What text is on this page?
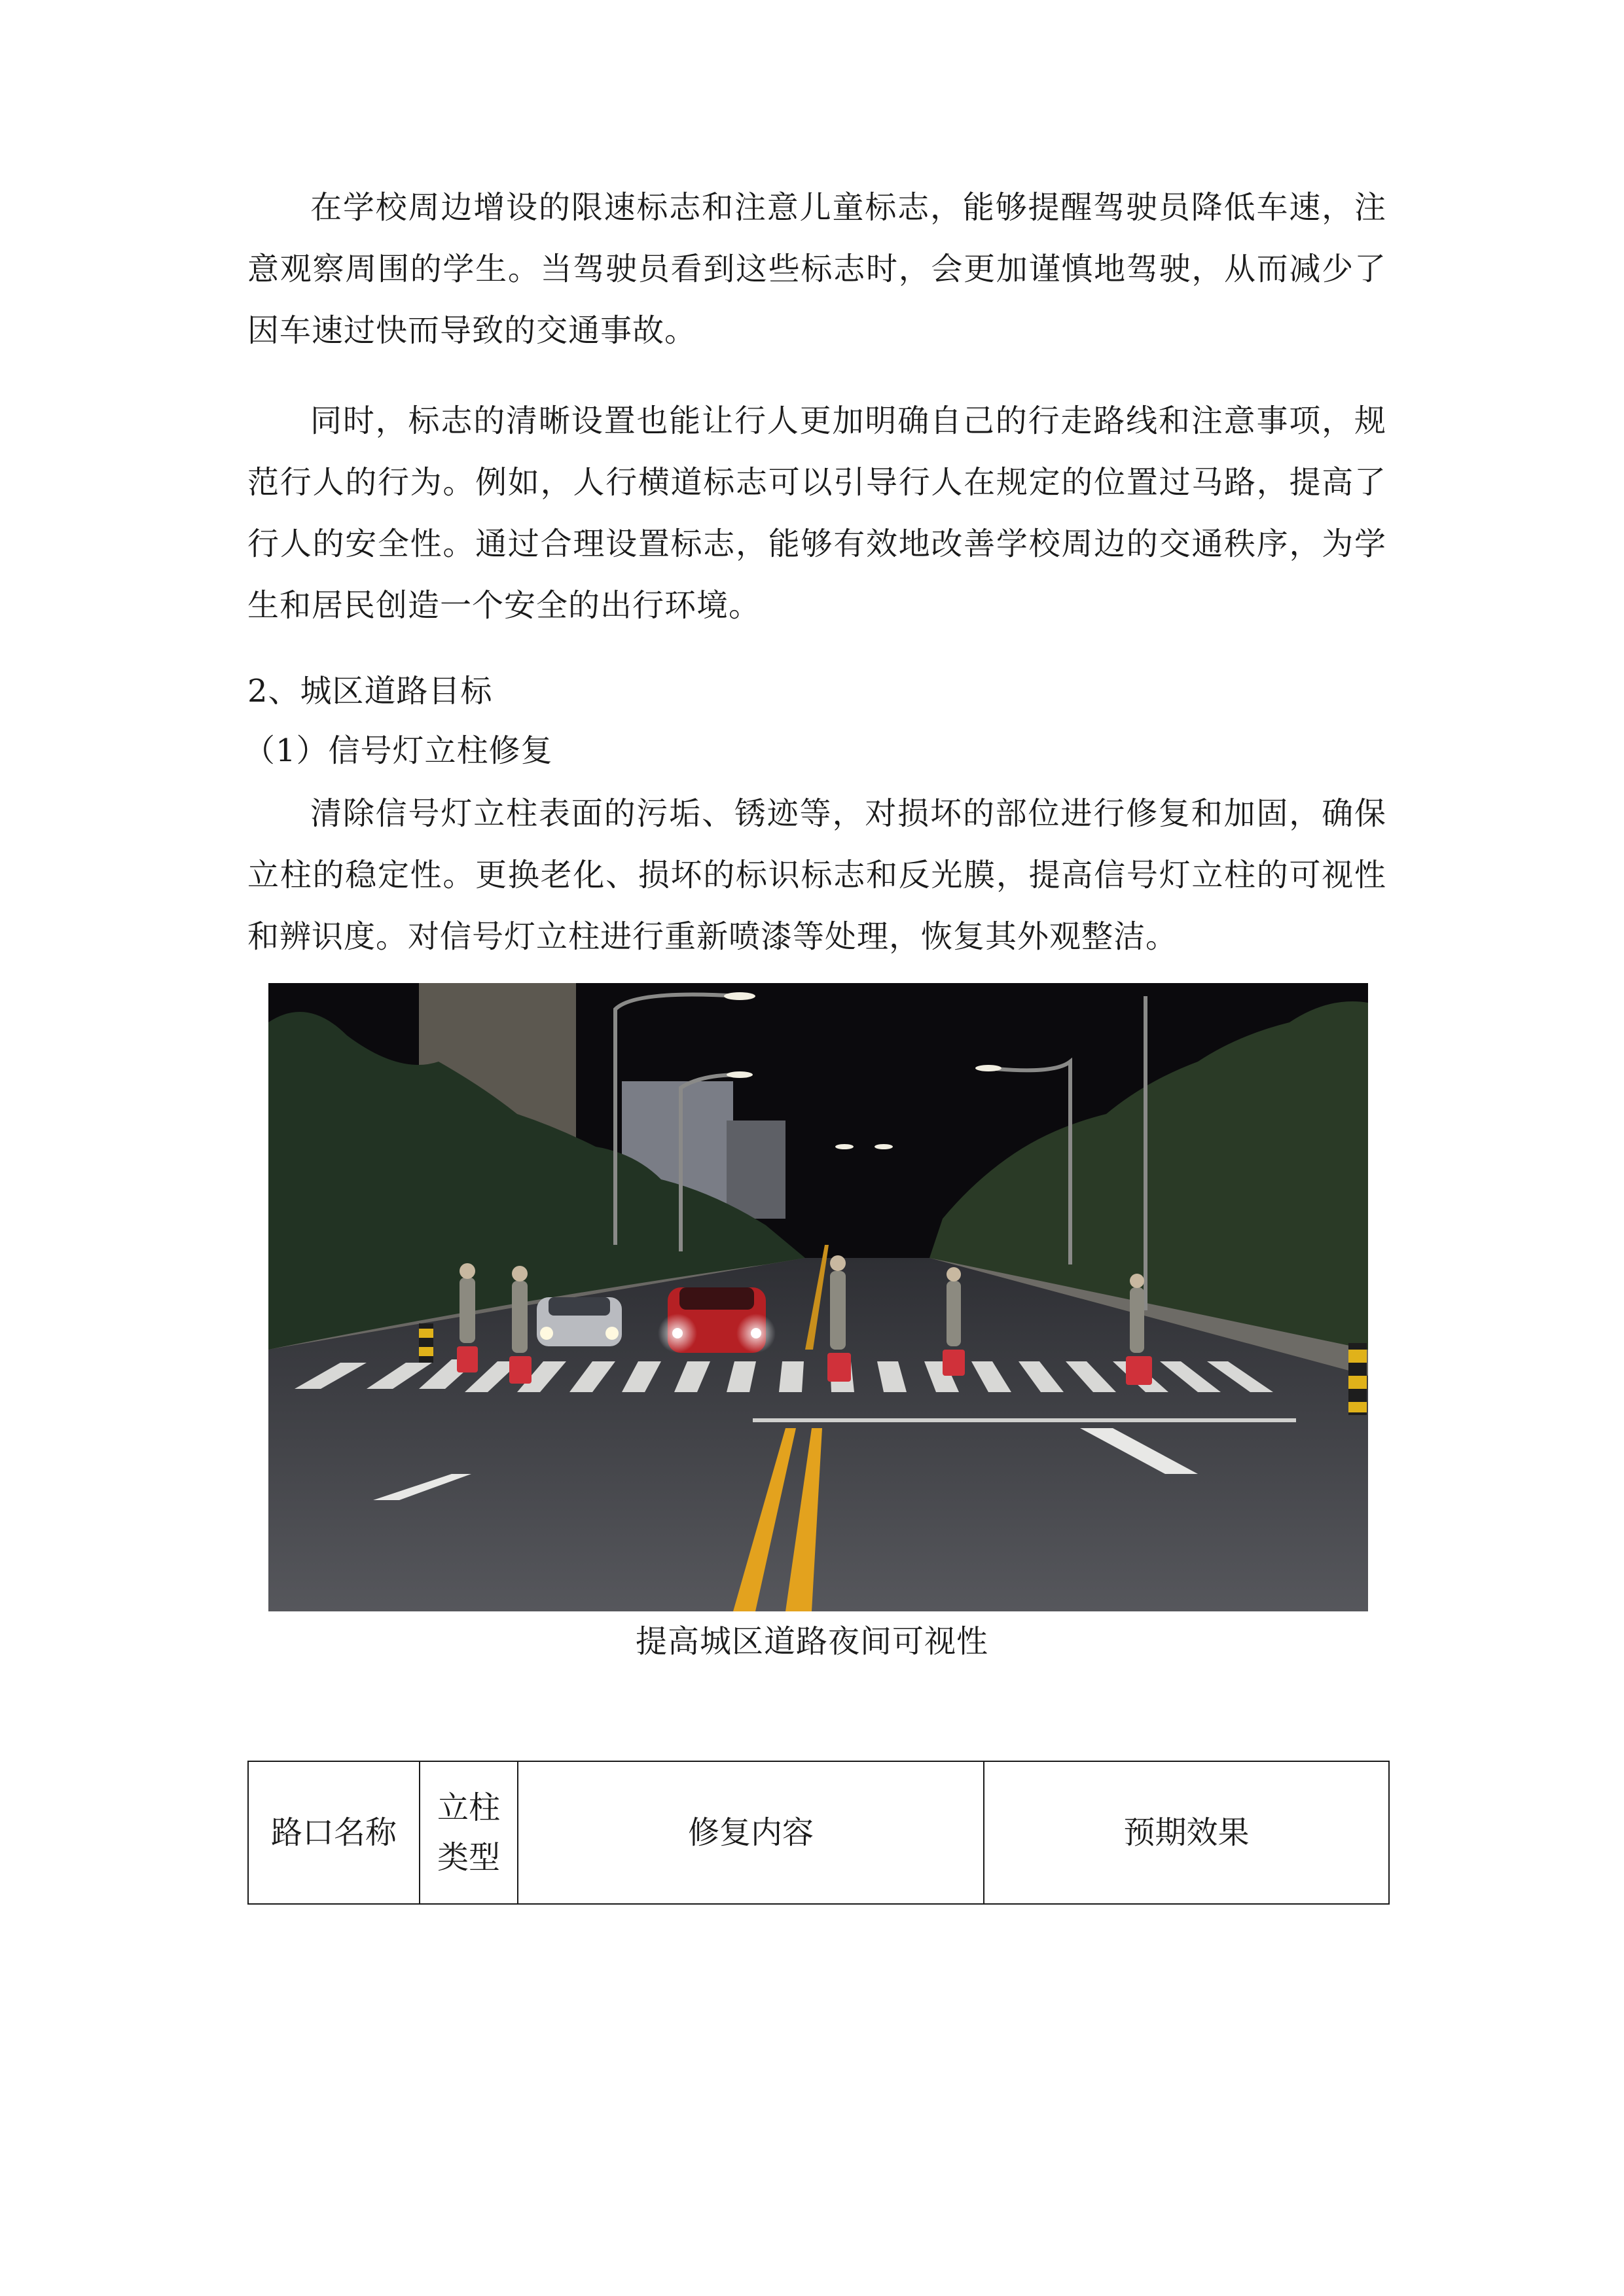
在学校周边增设的限速标志和注意儿童标志，能够提醒驾驶员降低车速，注意观察周围的学生。当驾驶员看到这些标志时，会更加谨慎地驾驶，从而减少了因车速过快而导致的交通事故。

同时，标志的清晰设置也能让行人更加明确自己的行走路线和注意事项，规范行人的行为。例如，人行横道标志可以引导行人在规定的位置过马路，提高了行人的安全性。通过合理设置标志，能够有效地改善学校周边的交通秩序，为学生和居民创造一个安全的出行环境。

2、城区道路目标
（1）信号灯立柱修复

清除信号灯立柱表面的污垢、锈迹等，对损坏的部位进行修复和加固，确保立柱的稳定性。更换老化、损坏的标识标志和反光膜，提高信号灯立柱的可视性和辨识度。对信号灯立柱进行重新喷漆等处理，恢复其外观整洁。

提高城区道路夜间可视性
路口名称	立柱类型	修复内容	预期效果
